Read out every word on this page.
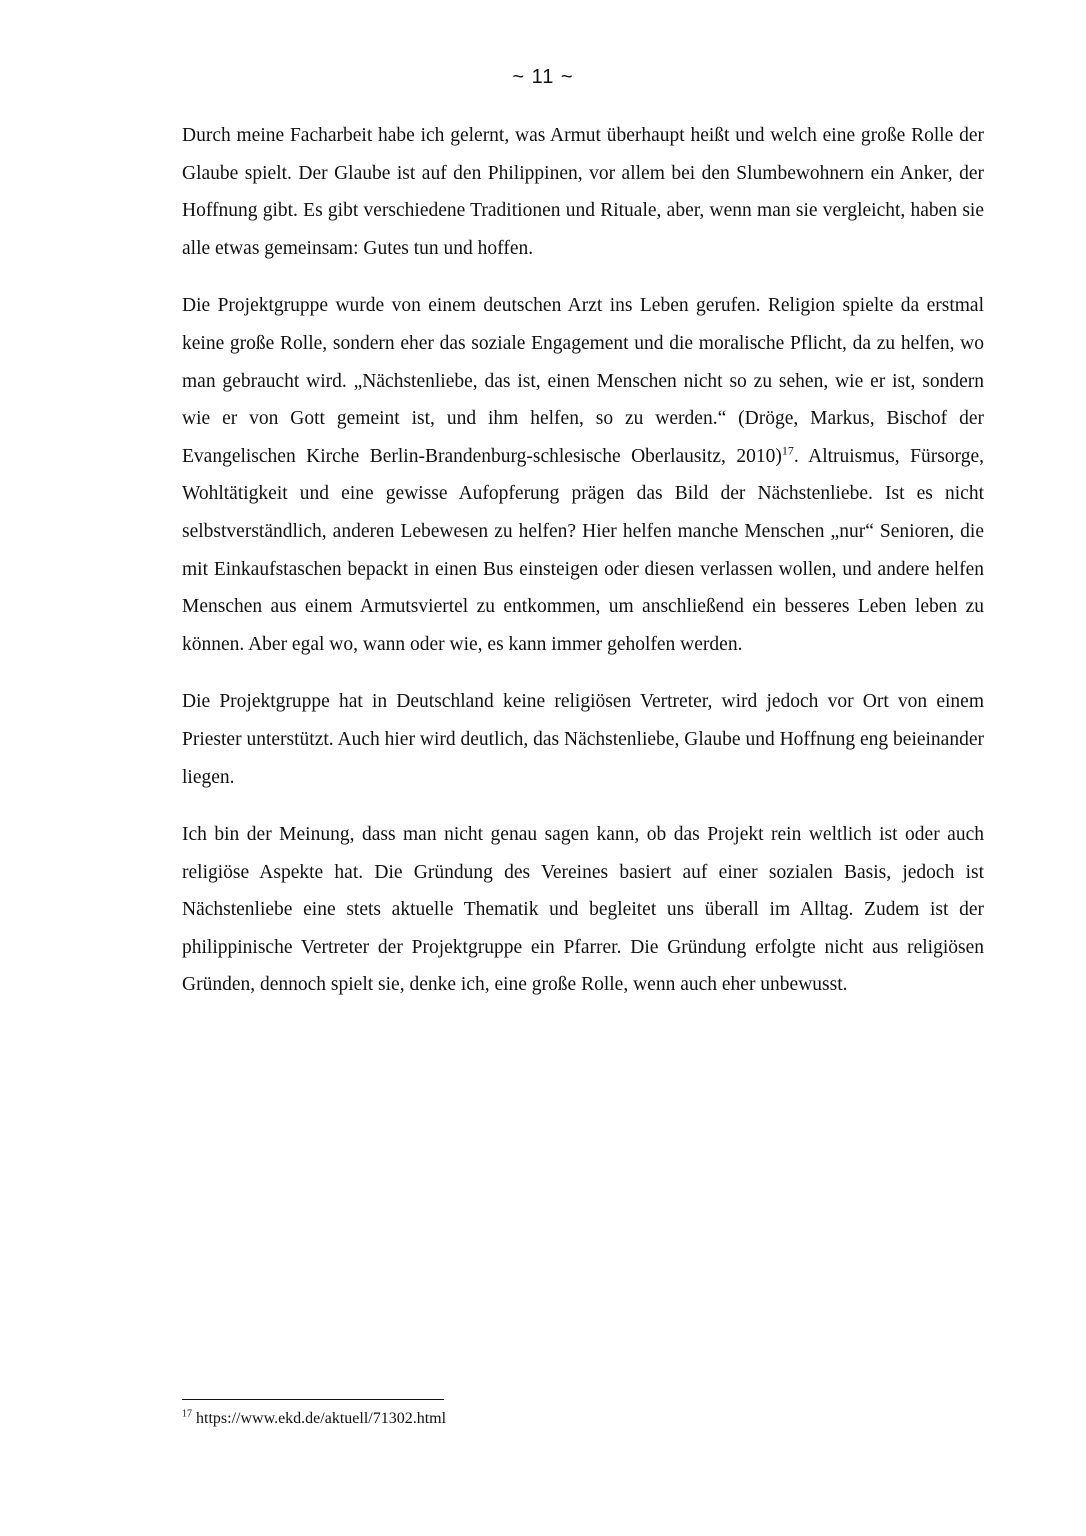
~ 11 ~

Durch meine Facharbeit habe ich gelernt, was Armut überhaupt heißt und welch eine große Rolle der Glaube spielt. Der Glaube ist auf den Philippinen, vor allem bei den Slumbewohnern ein Anker, der Hoffnung gibt. Es gibt verschiedene Traditionen und Rituale, aber, wenn man sie vergleicht, haben sie alle etwas gemeinsam: Gutes tun und hoffen.

Die Projektgruppe wurde von einem deutschen Arzt ins Leben gerufen. Religion spielte da erstmal keine große Rolle, sondern eher das soziale Engagement und die moralische Pflicht, da zu helfen, wo man gebraucht wird. „Nächstenliebe, das ist, einen Menschen nicht so zu sehen, wie er ist, sondern wie er von Gott gemeint ist, und ihm helfen, so zu werden.“ (Dröge, Markus, Bischof der Evangelischen Kirche Berlin-Brandenburg-schlesische Oberlausitz, 2010)$^{17}$. Altruismus, Fürsorge, Wohltätigkeit und eine gewisse Aufopferung prägen das Bild der Nächstenliebe. Ist es nicht selbstverständlich, anderen Lebewesen zu helfen? Hier helfen manche Menschen „nur“ Senioren, die mit Einkaufstaschen bepackt in einen Bus einsteigen oder diesen verlassen wollen, und andere helfen Menschen aus einem Armutsviertel zu entkommen, um anschließend ein besseres Leben leben zu können. Aber egal wo, wann oder wie, es kann immer geholfen werden.

Die Projektgruppe hat in Deutschland keine religiösen Vertreter, wird jedoch vor Ort von einem Priester unterstützt. Auch hier wird deutlich, das Nächstenliebe, Glaube und Hoffnung eng beieinander liegen.

Ich bin der Meinung, dass man nicht genau sagen kann, ob das Projekt rein weltlich ist oder auch religiöse Aspekte hat. Die Gründung des Vereines basiert auf einer sozialen Basis, jedoch ist Nächstenliebe eine stets aktuelle Thematik und begleitet uns überall im Alltag. Zudem ist der philippinische Vertreter der Projektgruppe ein Pfarrer. Die Gründung erfolgte nicht aus religiösen Gründen, dennoch spielt sie, denke ich, eine große Rolle, wenn auch eher unbewusst.

$^{17}$ https://www.ekd.de/aktuell/71302.html
